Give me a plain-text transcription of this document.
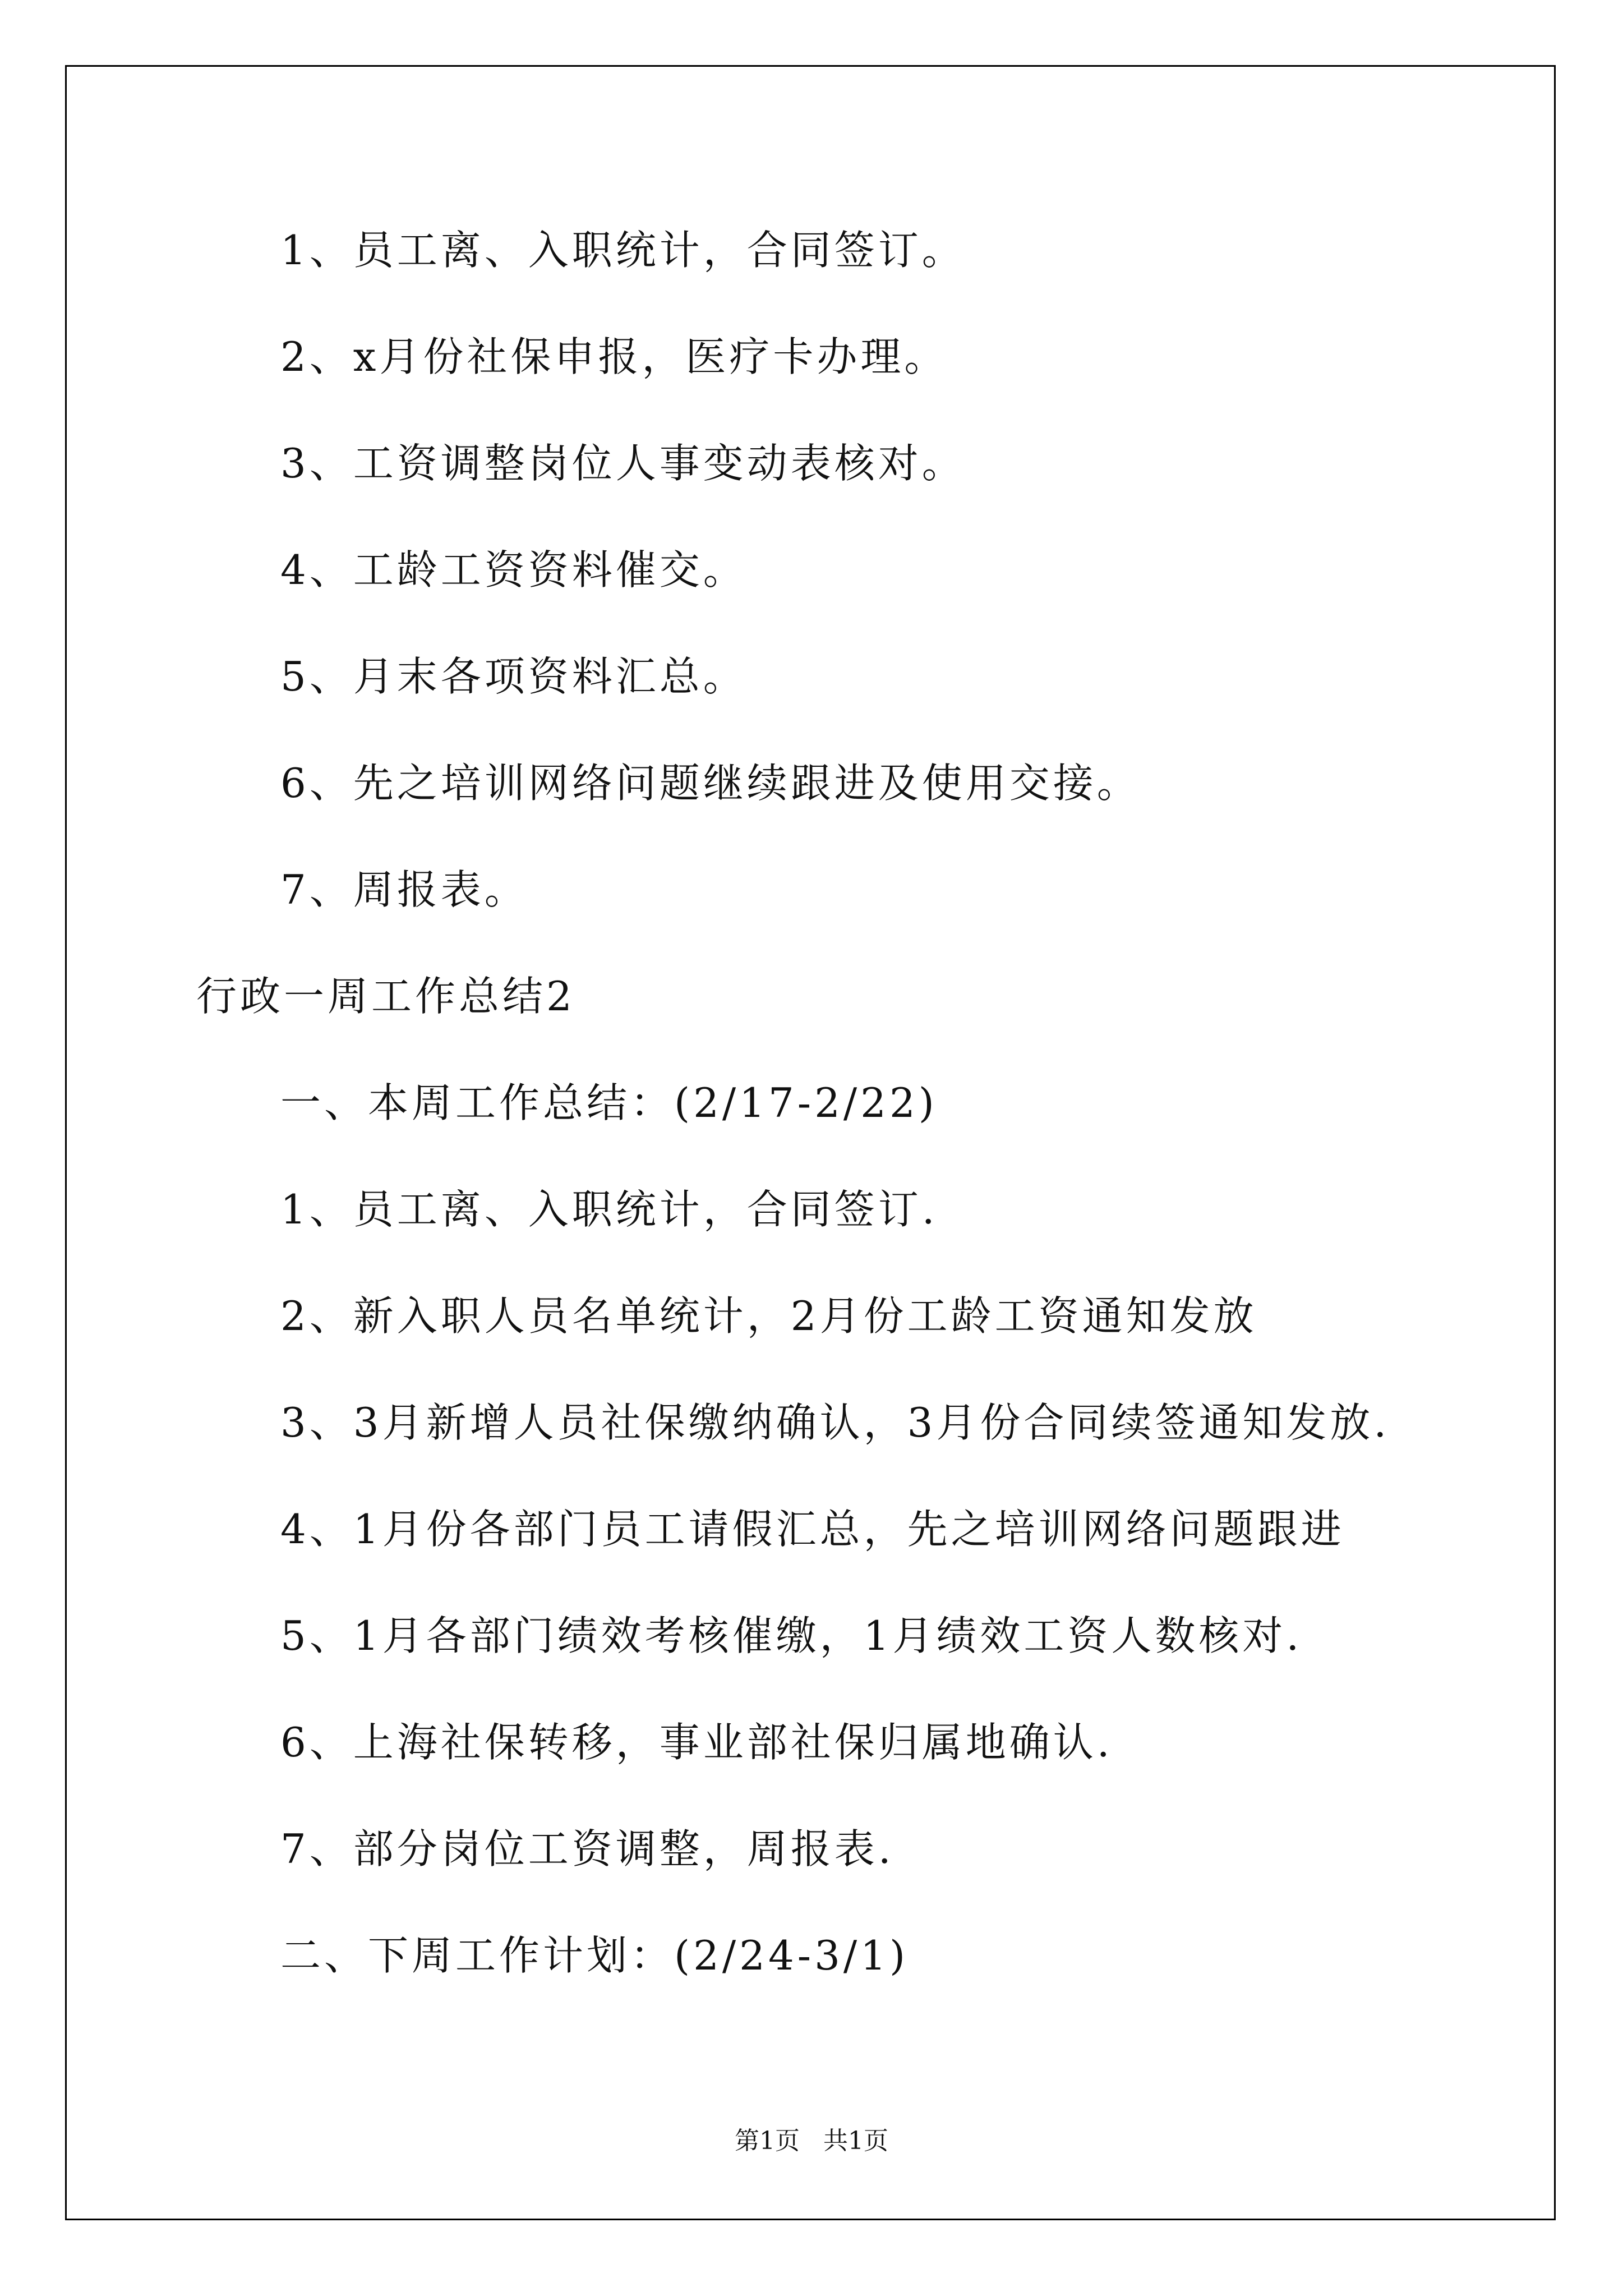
1、员工离、入职统计，合同签订。
2、x月份社保申报，医疗卡办理。
3、工资调整岗位人事变动表核对。
4、工龄工资资料催交。
5、月末各项资料汇总。
6、先之培训网络问题继续跟进及使用交接。
7、周报表。
行政一周工作总结2
一、本周工作总结：(2/17-2/22)
1、员工离、入职统计，合同签订.
2、新入职人员名单统计，2月份工龄工资通知发放
3、3月新增人员社保缴纳确认，3月份合同续签通知发放.
4、1月份各部门员工请假汇总，先之培训网络问题跟进
5、1月各部门绩效考核催缴，1月绩效工资人数核对.
6、上海社保转移，事业部社保归属地确认.
7、部分岗位工资调整，周报表.
二、下周工作计划：(2/24-3/1)
第1页   共1页
